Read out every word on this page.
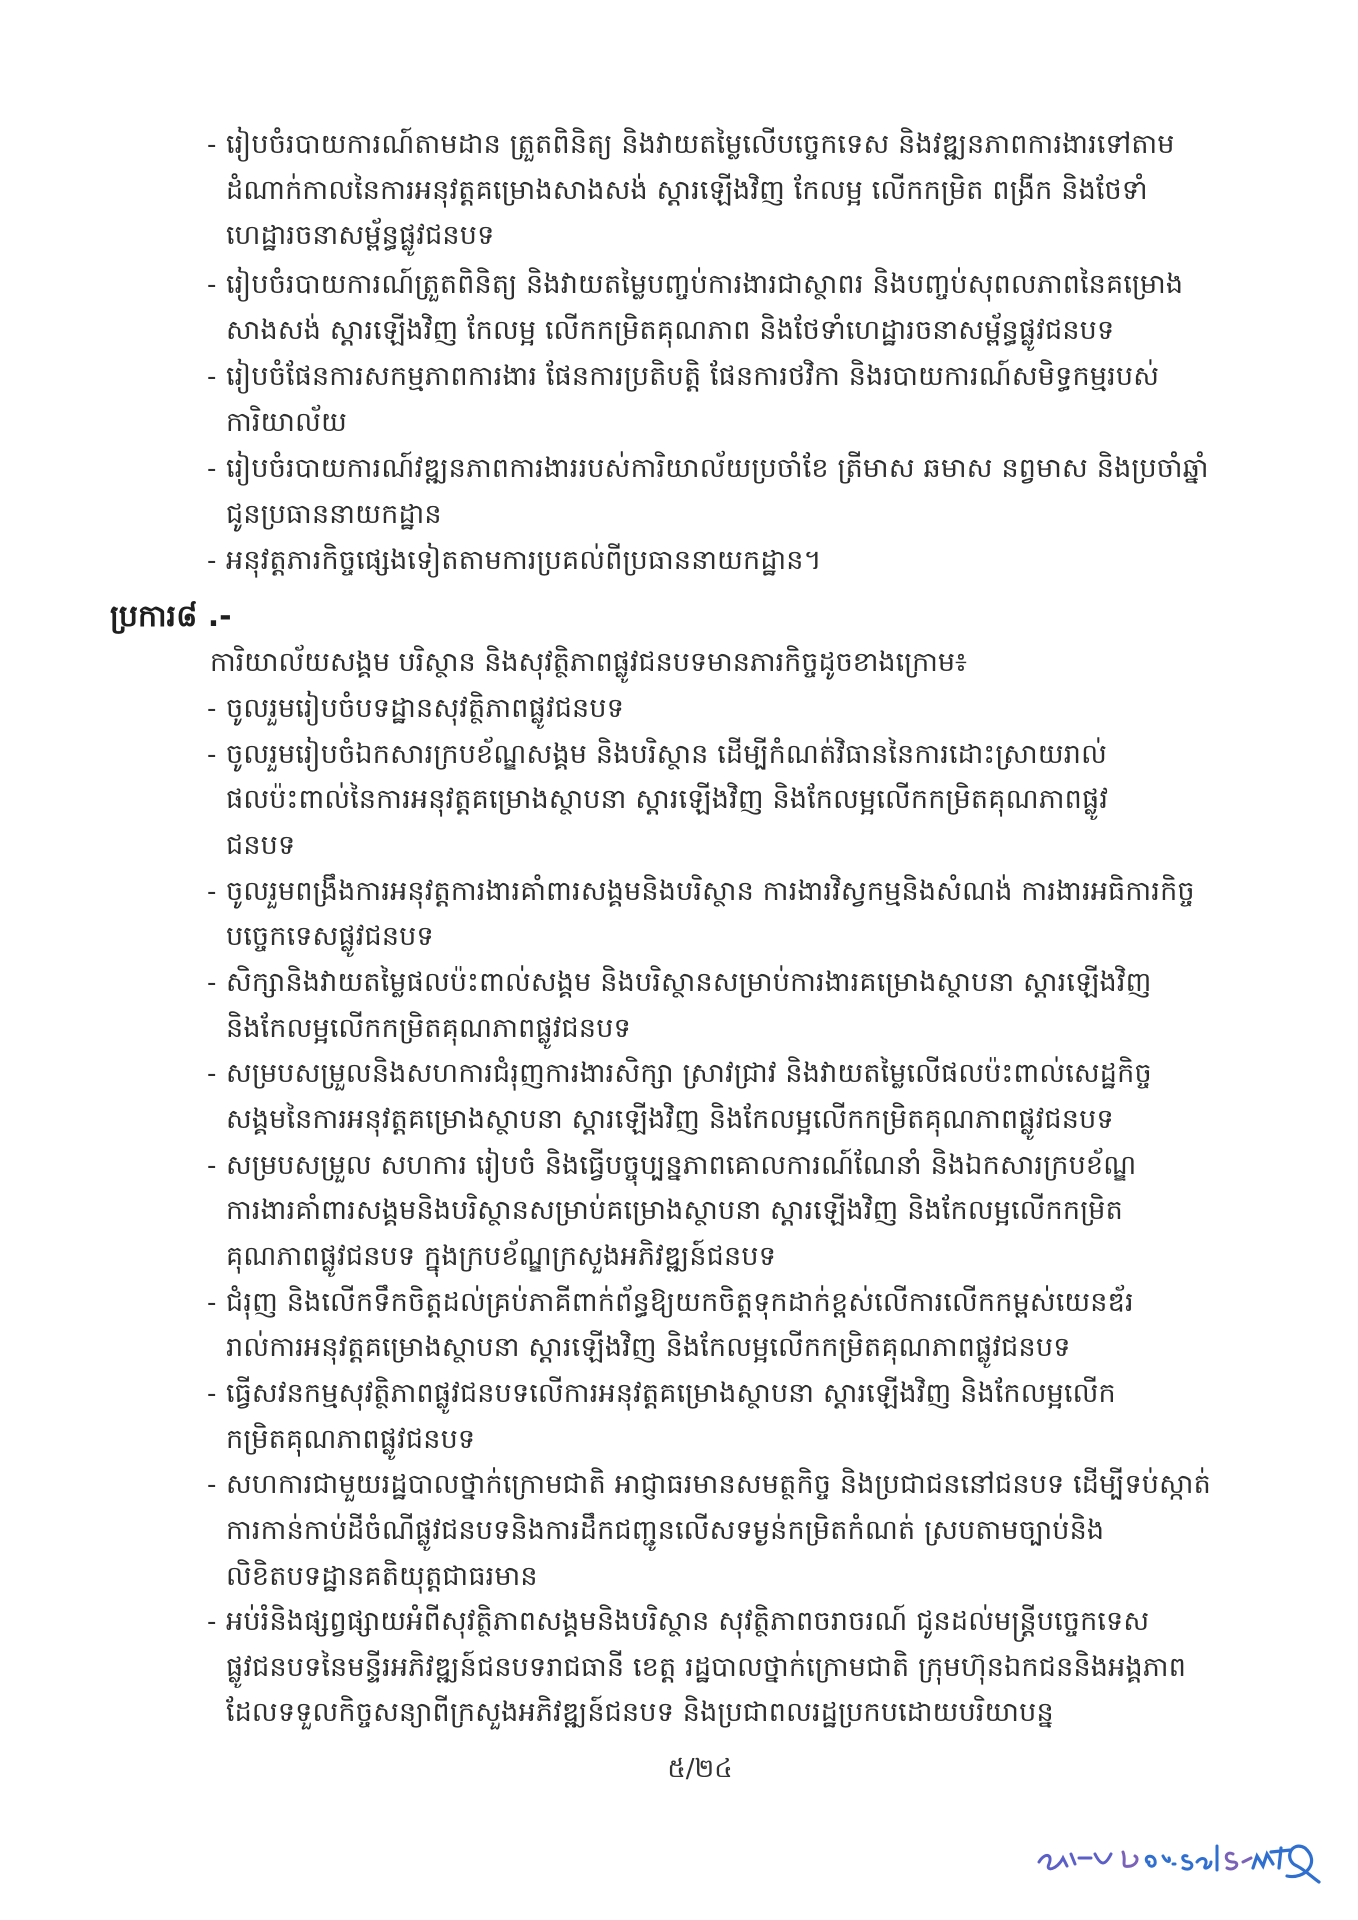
- រៀបចំរបាយការណ៍តាមដាន ត្រួតពិនិត្យ និងវាយតម្លៃលើបច្ចេកទេស និងវឌ្ឍនភាពការងារទៅតាម
ដំណាក់កាលនៃការអនុវត្តគម្រោងសាងសង់ ស្តារឡើងវិញ កែលម្អ លើកកម្រិត ពង្រីក និងថែទាំ
ហេដ្ឋារចនាសម្ព័ន្ធផ្លូវជនបទ
- រៀបចំរបាយការណ៍ត្រួតពិនិត្យ និងវាយតម្លៃបញ្ចប់ការងារជាស្ថាពរ និងបញ្ចប់សុពលភាពនៃគម្រោង
សាងសង់ ស្តារឡើងវិញ កែលម្អ លើកកម្រិតគុណភាព និងថែទាំហេដ្ឋារចនាសម្ព័ន្ធផ្លូវជនបទ
- រៀបចំផែនការសកម្មភាពការងារ ផែនការប្រតិបត្តិ ផែនការថវិកា និងរបាយការណ៍សមិទ្ធកម្មរបស់
ការិយាល័យ
- រៀបចំរបាយការណ៍វឌ្ឍនភាពការងាររបស់ការិយាល័យប្រចាំខែ ត្រីមាស ឆមាស នព្វមាស និងប្រចាំឆ្នាំ
ជូនប្រធាននាយកដ្ឋាន
- អនុវត្តភារកិច្ចផ្សេងទៀតតាមការប្រគល់ពីប្រធាននាយកដ្ឋាន។
ប្រការ៨ .-
ការិយាល័យសង្គម បរិស្ថាន និងសុវត្ថិភាពផ្លូវជនបទមានភារកិច្ចដូចខាងក្រោម៖
- ចូលរួមរៀបចំបទដ្ឋានសុវត្ថិភាពផ្លូវជនបទ
- ចូលរួមរៀបចំឯកសារក្របខ័ណ្ឌសង្គម និងបរិស្ថាន ដើម្បីកំណត់វិធាននៃការដោះស្រាយរាល់
ផលប៉ះពាល់នៃការអនុវត្តគម្រោងស្ថាបនា ស្តារឡើងវិញ និងកែលម្អលើកកម្រិតគុណភាពផ្លូវ
ជនបទ
- ចូលរួមពង្រឹងការអនុវត្តការងារគាំពារសង្គមនិងបរិស្ថាន ការងារវិស្វកម្មនិងសំណង់ ការងារអធិការកិច្ច
បច្ចេកទេសផ្លូវជនបទ
- សិក្សានិងវាយតម្លៃផលប៉ះពាល់សង្គម និងបរិស្ថានសម្រាប់ការងារគម្រោងស្ថាបនា ស្តារឡើងវិញ
និងកែលម្អលើកកម្រិតគុណភាពផ្លូវជនបទ
- សម្របសម្រួលនិងសហការជំរុញការងារសិក្សា ស្រាវជ្រាវ និងវាយតម្លៃលើផលប៉ះពាល់សេដ្ឋកិច្ច
សង្គមនៃការអនុវត្តគម្រោងស្ថាបនា ស្តារឡើងវិញ និងកែលម្អលើកកម្រិតគុណភាពផ្លូវជនបទ
- សម្របសម្រួល សហការ រៀបចំ និងធ្វើបច្ចុប្បន្នភាពគោលការណ៍ណែនាំ និងឯកសារក្របខ័ណ្ឌ
ការងារគាំពារសង្គមនិងបរិស្ថានសម្រាប់គម្រោងស្ថាបនា ស្តារឡើងវិញ និងកែលម្អលើកកម្រិត
គុណភាពផ្លូវជនបទ ក្នុងក្របខ័ណ្ឌក្រសួងអភិវឌ្ឍន៍ជនបទ
- ជំរុញ និងលើកទឹកចិត្តដល់គ្រប់ភាគីពាក់ព័ន្ធឱ្យយកចិត្តទុកដាក់ខ្ពស់លើការលើកកម្ពស់យេនឌ័រ
រាល់ការអនុវត្តគម្រោងស្ថាបនា ស្តារឡើងវិញ និងកែលម្អលើកកម្រិតគុណភាពផ្លូវជនបទ
- ធ្វើសវនកម្មសុវត្ថិភាពផ្លូវជនបទលើការអនុវត្តគម្រោងស្ថាបនា ស្តារឡើងវិញ និងកែលម្អលើក
កម្រិតគុណភាពផ្លូវជនបទ
- សហការជាមួយរដ្ឋបាលថ្នាក់ក្រោមជាតិ អាជ្ញាធរមានសមត្ថកិច្ច និងប្រជាជននៅជនបទ ដើម្បីទប់ស្កាត់
ការកាន់កាប់ដីចំណីផ្លូវជនបទនិងការដឹកជញ្ជូនលើសទម្ងន់កម្រិតកំណត់ ស្របតាមច្បាប់និង
លិខិតបទដ្ឋានគតិយុត្តជាធរមាន
- អប់រំនិងផ្សព្វផ្សាយអំពីសុវត្ថិភាពសង្គមនិងបរិស្ថាន សុវត្ថិភាពចរាចរណ៍ ជូនដល់មន្ត្រីបច្ចេកទេស
ផ្លូវជនបទនៃមន្ទីរអភិវឌ្ឍន៍ជនបទរាជធានី ខេត្ត រដ្ឋបាលថ្នាក់ក្រោមជាតិ ក្រុមហ៊ុនឯកជននិងអង្គភាព
ដែលទទួលកិច្ចសន្យាពីក្រសួងអភិវឌ្ឍន៍ជនបទ និងប្រជាពលរដ្ឋប្រកបដោយបរិយាបន្ន
៥/២៤
